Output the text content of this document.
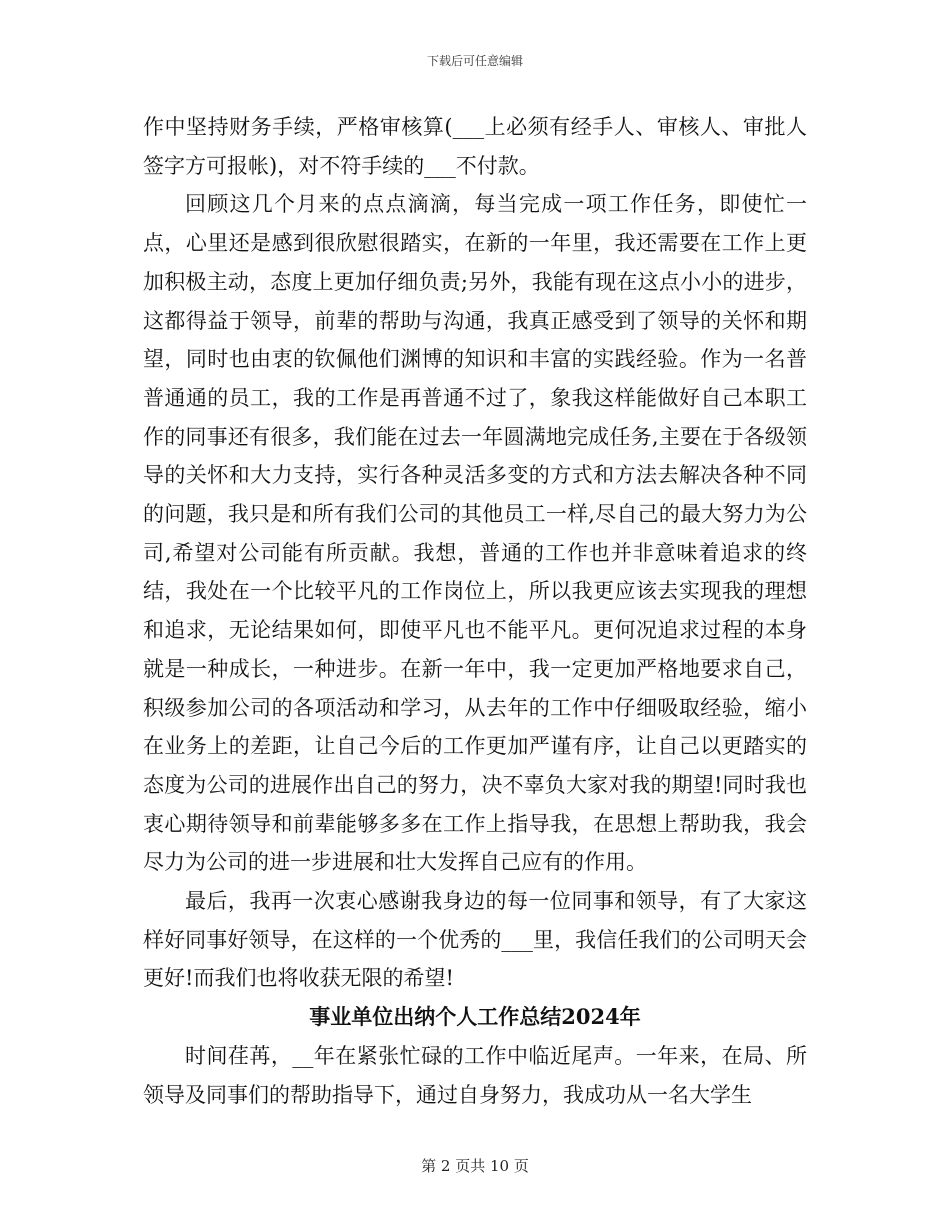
下载后可任意编辑

作中坚持财务手续，严格审核算(___上必须有经手人、审核人、审批人签字方可报帐)，对不符手续的___不付款。

回顾这几个月来的点点滴滴，每当完成一项工作任务，即使忙一点，心里还是感到很欣慰很踏实，在新的一年里，我还需要在工作上更加积极主动，态度上更加仔细负责;另外，我能有现在这点小小的进步，这都得益于领导，前辈的帮助与沟通，我真正感受到了领导的关怀和期望，同时也由衷的钦佩他们渊博的知识和丰富的实践经验。作为一名普普通通的员工，我的工作是再普通不过了，象我这样能做好自己本职工作的同事还有很多，我们能在过去一年圆满地完成任务,主要在于各级领导的关怀和大力支持，实行各种灵活多变的方式和方法去解决各种不同的问题，我只是和所有我们公司的其他员工一样,尽自己的最大努力为公司,希望对公司能有所贡献。我想，普通的工作也并非意味着追求的终结，我处在一个比较平凡的工作岗位上，所以我更应该去实现我的理想和追求，无论结果如何，即使平凡也不能平凡。更何况追求过程的本身就是一种成长，一种进步。在新一年中，我一定更加严格地要求自己，积级参加公司的各项活动和学习，从去年的工作中仔细吸取经验，缩小在业务上的差距，让自己今后的工作更加严谨有序，让自己以更踏实的态度为公司的进展作出自己的努力，决不辜负大家对我的期望!同时我也衷心期待领导和前辈能够多多在工作上指导我，在思想上帮助我，我会尽力为公司的进一步进展和壮大发挥自己应有的作用。

最后，我再一次衷心感谢我身边的每一位同事和领导，有了大家这样好同事好领导，在这样的一个优秀的___里，我信任我们的公司明天会更好!而我们也将收获无限的希望!

事业单位出纳个人工作总结2024年

时间荏苒，__年在紧张忙碌的工作中临近尾声。一年来，在局、所领导及同事们的帮助指导下，通过自身努力，我成功从一名大学生

第 2 页共 10 页
